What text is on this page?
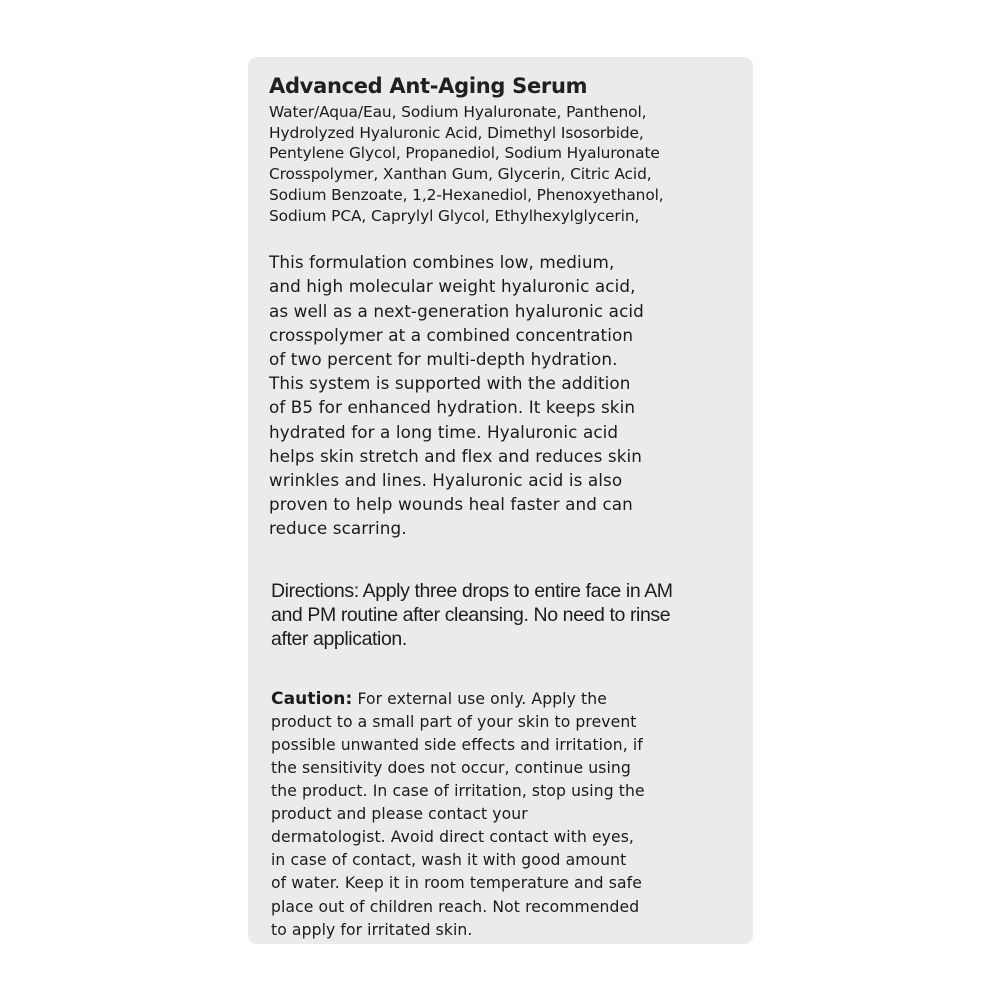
Advanced Ant-Aging Serum

Water/Aqua/Eau, Sodium Hyaluronate, Panthenol,
Hydrolyzed Hyaluronic Acid, Dimethyl Isosorbide,
Pentylene Glycol, Propanediol, Sodium Hyaluronate
Crosspolymer, Xanthan Gum, Glycerin, Citric Acid,
Sodium Benzoate, 1,2-Hexanediol, Phenoxyethanol,
Sodium PCA, Caprylyl Glycol, Ethylhexylglycerin,

This formulation combines low, medium,
and high molecular weight hyaluronic acid,
as well as a next-generation hyaluronic acid
crosspolymer at a combined concentration
of two percent for multi-depth hydration.
This system is supported with the addition
of B5 for enhanced hydration. It keeps skin
hydrated for a long time. Hyaluronic acid
helps skin stretch and flex and reduces skin
wrinkles and lines. Hyaluronic acid is also
proven to help wounds heal faster and can
reduce scarring.

Directions: Apply three drops to entire face in AM
and PM routine after cleansing. No need to rinse
after application.

Caution: For external use only. Apply the
product to a small part of your skin to prevent
possible unwanted side effects and irritation, if
the sensitivity does not occur, continue using
the product. In case of irritation, stop using the
product and please contact your
dermatologist. Avoid direct contact with eyes,
in case of contact, wash it with good amount
of water. Keep it in room temperature and safe
place out of children reach. Not recommended
to apply for irritated skin.
